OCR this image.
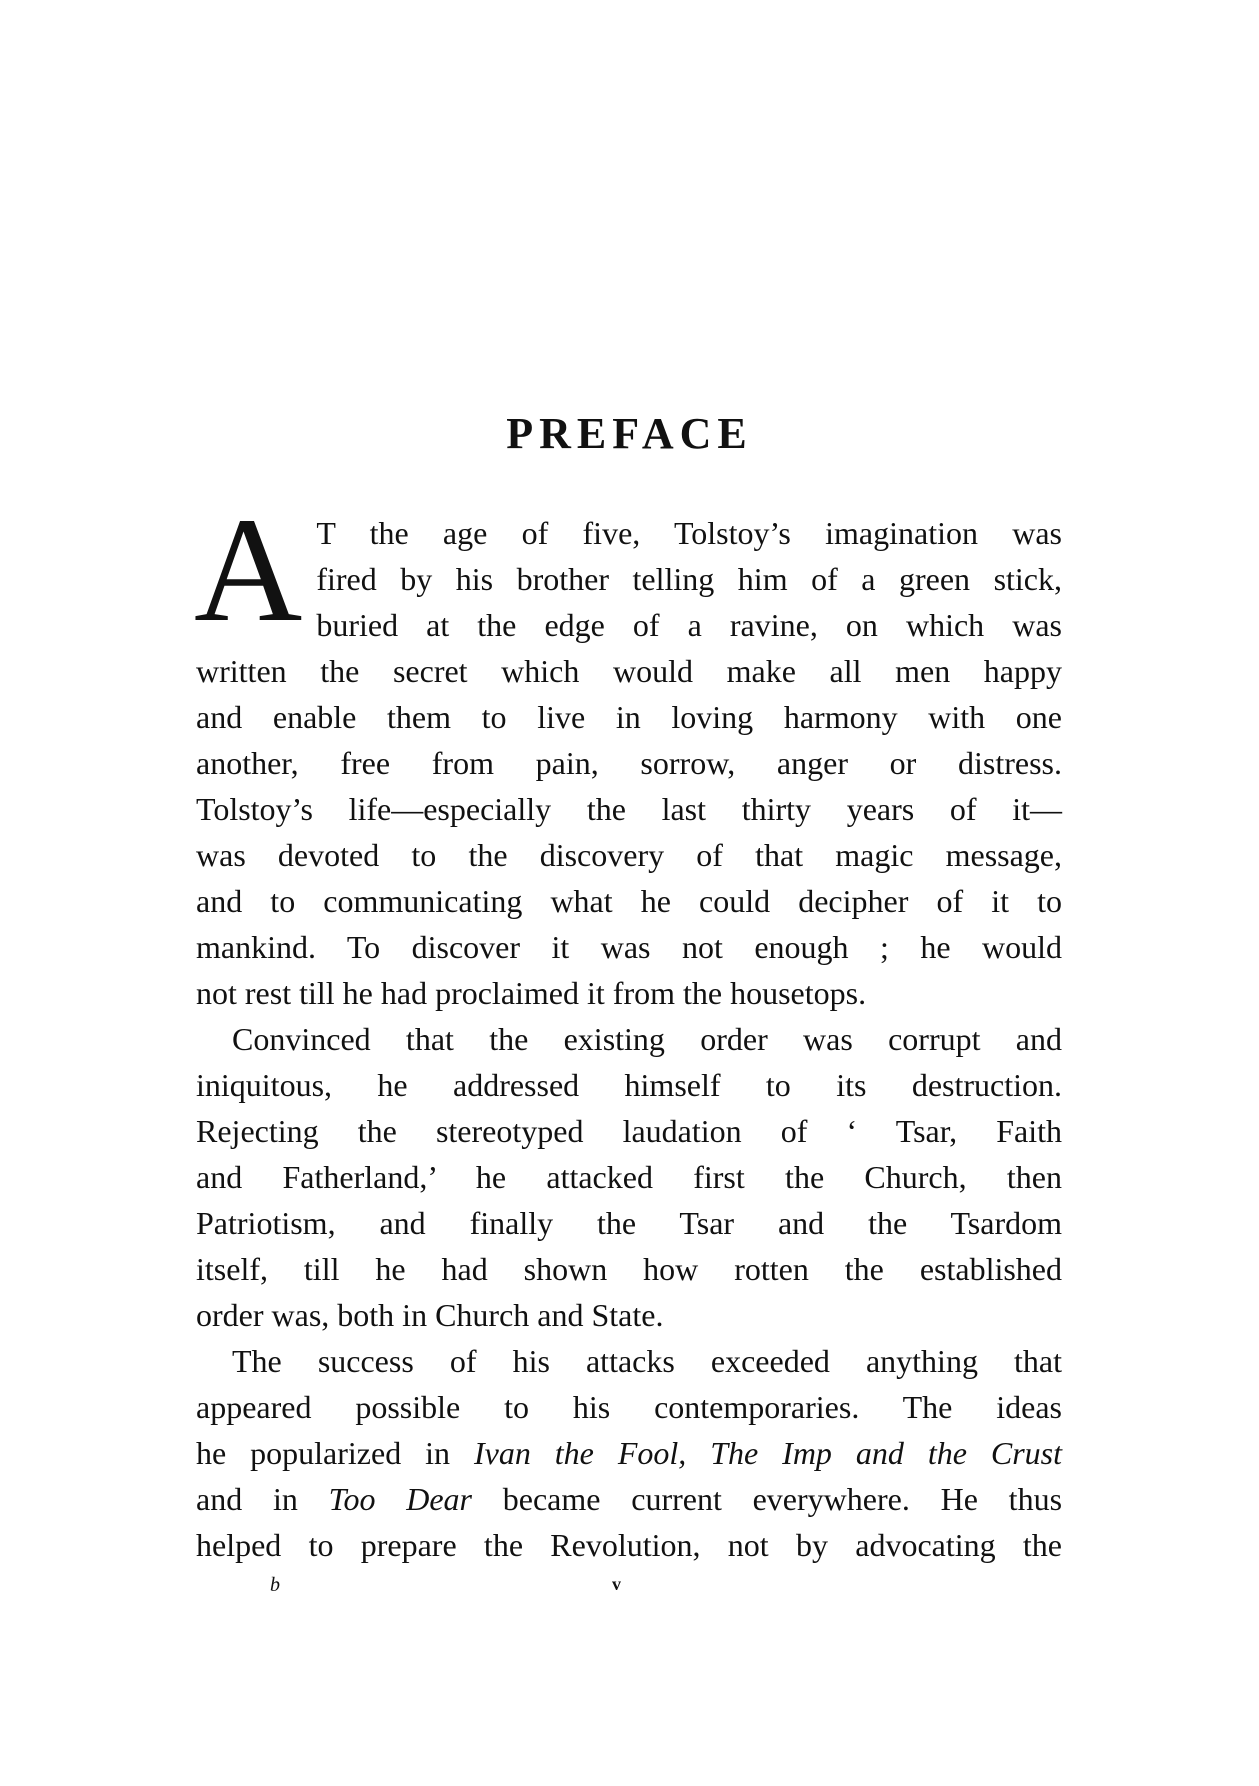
PREFACE
A T the age of five, Tolstoy’s imagination was
fired by his brother telling him of a green stick,
buried at the edge of a ravine, on which was
written the secret which would make all men happy
and enable them to live in loving harmony with one
another, free from pain, sorrow, anger or distress.
Tolstoy’s life—especially the last thirty years of it—
was devoted to the discovery of that magic message,
and to communicating what he could decipher of it to
mankind. To discover it was not enough ; he would
not rest till he had proclaimed it from the housetops.
Convinced that the existing order was corrupt and
iniquitous, he addressed himself to its destruction.
Rejecting the stereotyped laudation of ‘ Tsar, Faith
and Fatherland,’ he attacked first the Church, then
Patriotism, and finally the Tsar and the Tsardom
itself, till he had shown how rotten the established
order was, both in Church and State.
The success of his attacks exceeded anything that
appeared possible to his contemporaries. The ideas
he popularized in Ivan the Fool, The Imp and the Crust
and in Too Dear became current everywhere. He thus
helped to prepare the Revolution, not by advocating the
b	v
